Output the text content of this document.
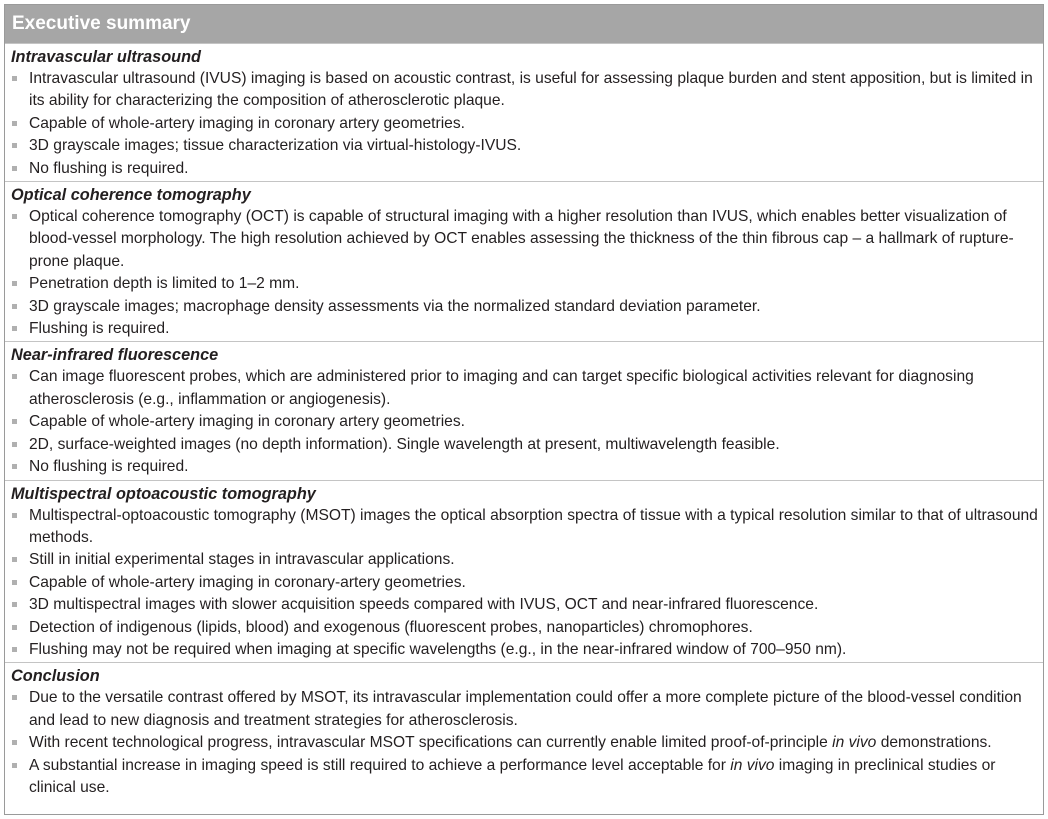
Executive summary
Intravascular ultrasound
Intravascular ultrasound (IVUS) imaging is based on acoustic contrast, is useful for assessing plaque burden and stent apposition, but is limited in its ability for characterizing the composition of atherosclerotic plaque.
Capable of whole-artery imaging in coronary artery geometries.
3D grayscale images; tissue characterization via virtual-histology-IVUS.
No flushing is required.
Optical coherence tomography
Optical coherence tomography (OCT) is capable of structural imaging with a higher resolution than IVUS, which enables better visualization of blood-vessel morphology. The high resolution achieved by OCT enables assessing the thickness of the thin fibrous cap – a hallmark of rupture-prone plaque.
Penetration depth is limited to 1–2 mm.
3D grayscale images; macrophage density assessments via the normalized standard deviation parameter.
Flushing is required.
Near-infrared fluorescence
Can image fluorescent probes, which are administered prior to imaging and can target specific biological activities relevant for diagnosing atherosclerosis (e.g., inflammation or angiogenesis).
Capable of whole-artery imaging in coronary artery geometries.
2D, surface-weighted images (no depth information). Single wavelength at present, multiwavelength feasible.
No flushing is required.
Multispectral optoacoustic tomography
Multispectral-optoacoustic tomography (MSOT) images the optical absorption spectra of tissue with a typical resolution similar to that of ultrasound methods.
Still in initial experimental stages in intravascular applications.
Capable of whole-artery imaging in coronary-artery geometries.
3D multispectral images with slower acquisition speeds compared with IVUS, OCT and near-infrared fluorescence.
Detection of indigenous (lipids, blood) and exogenous (fluorescent probes, nanoparticles) chromophores.
Flushing may not be required when imaging at specific wavelengths (e.g., in the near-infrared window of 700–950 nm).
Conclusion
Due to the versatile contrast offered by MSOT, its intravascular implementation could offer a more complete picture of the blood-vessel condition and lead to new diagnosis and treatment strategies for atherosclerosis.
With recent technological progress, intravascular MSOT specifications can currently enable limited proof-of-principle in vivo demonstrations.
A substantial increase in imaging speed is still required to achieve a performance level acceptable for in vivo imaging in preclinical studies or clinical use.
